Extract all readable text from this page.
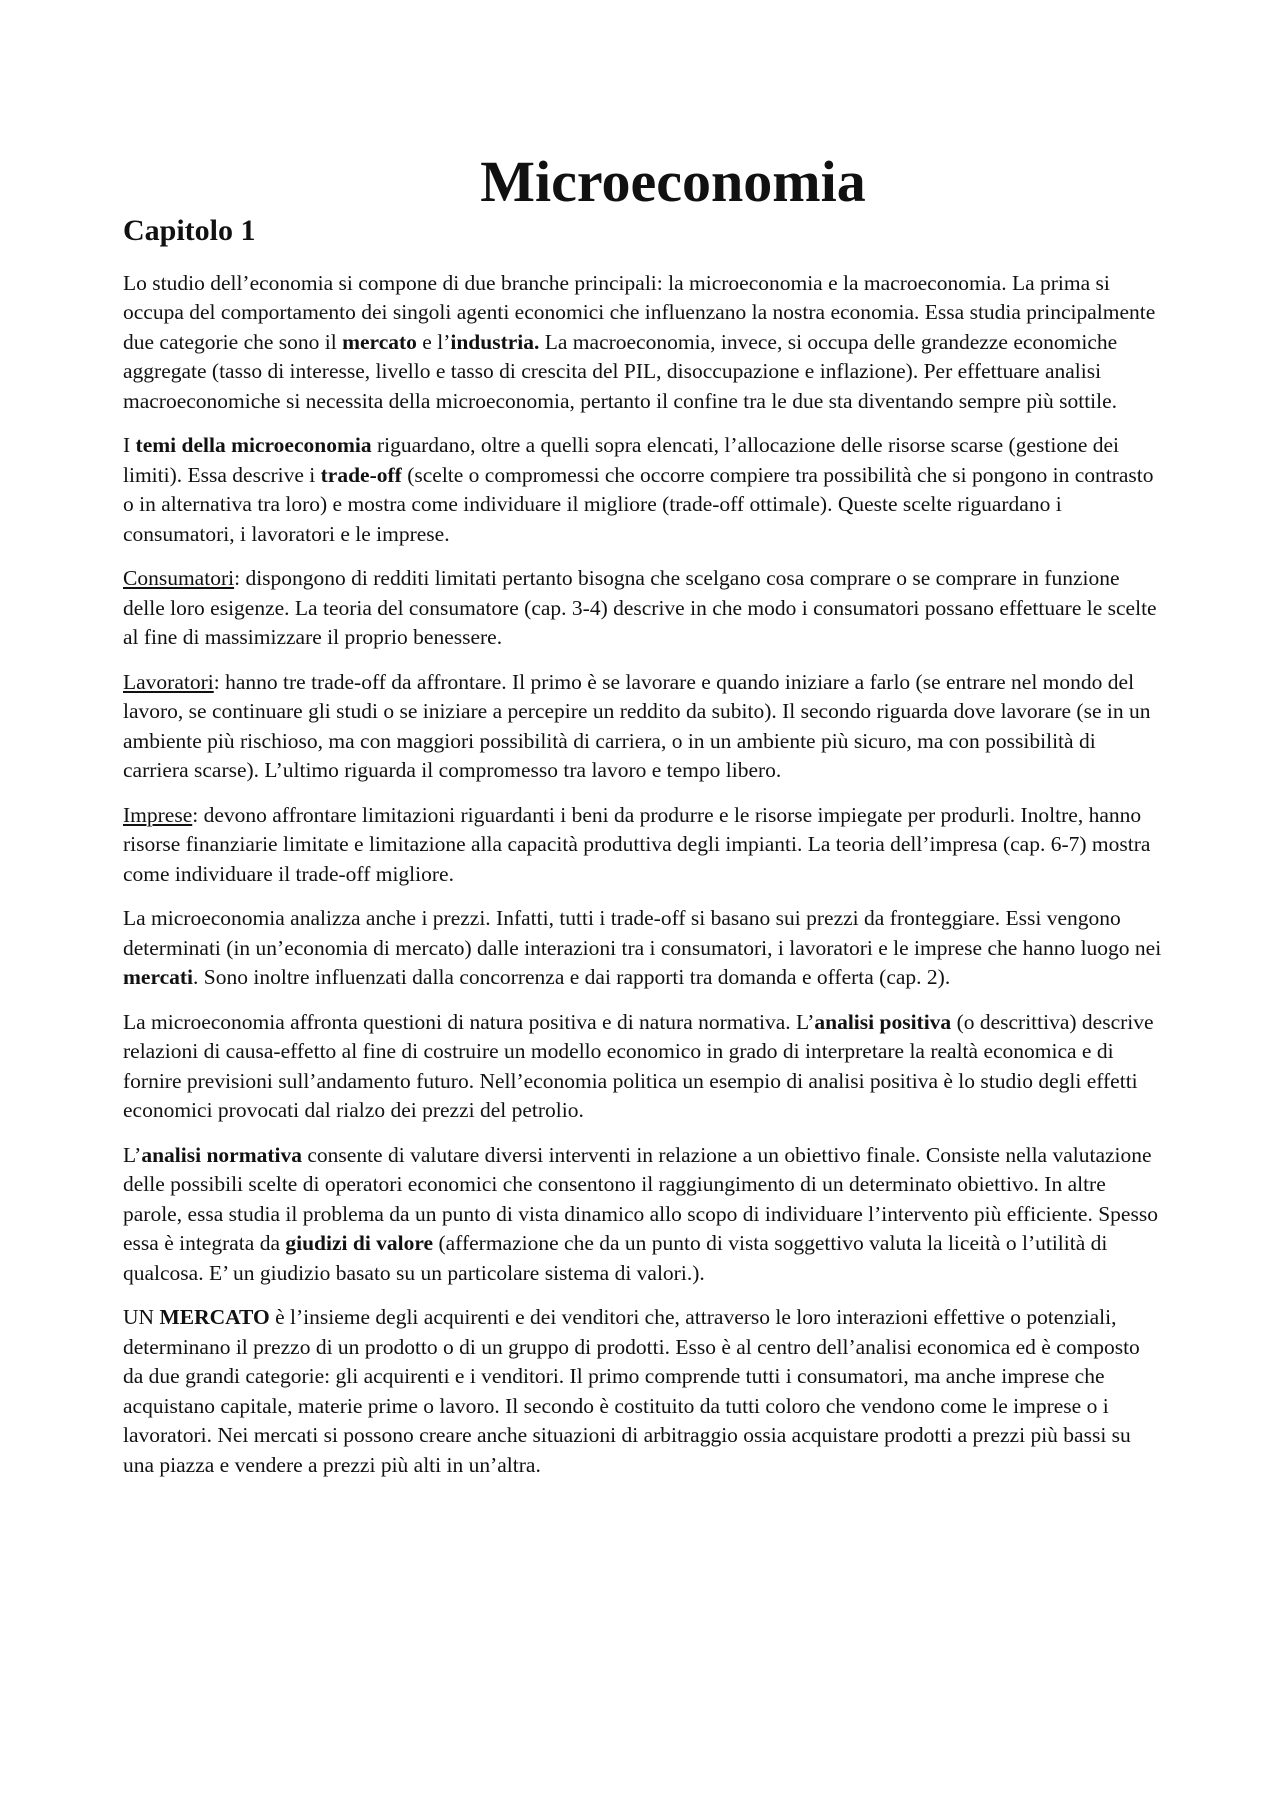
Microeconomia
Capitolo 1

Lo studio dell’economia si compone di due branche principali: la microeconomia e la macroeconomia. La prima si occupa del comportamento dei singoli agenti economici che influenzano la nostra economia. Essa studia principalmente due categorie che sono il mercato e l’industria. La macroeconomia, invece, si occupa delle grandezze economiche aggregate (tasso di interesse, livello e tasso di crescita del PIL, disoccupazione e inflazione). Per effettuare analisi macroeconomiche si necessita della microeconomia, pertanto il confine tra le due sta diventando sempre più sottile.

I temi della microeconomia riguardano, oltre a quelli sopra elencati, l’allocazione delle risorse scarse (gestione dei limiti). Essa descrive i trade-off (scelte o compromessi che occorre compiere tra possibilità che si pongono in contrasto o in alternativa tra loro) e mostra come individuare il migliore (trade-off ottimale). Queste scelte riguardano i consumatori, i lavoratori e le imprese.

Consumatori: dispongono di redditi limitati pertanto bisogna che scelgano cosa comprare o se comprare in funzione delle loro esigenze. La teoria del consumatore (cap. 3-4) descrive in che modo i consumatori possano effettuare le scelte al fine di massimizzare il proprio benessere.

Lavoratori: hanno tre trade-off da affrontare. Il primo è se lavorare e quando iniziare a farlo (se entrare nel mondo del lavoro, se continuare gli studi o se iniziare a percepire un reddito da subito). Il secondo riguarda dove lavorare (se in un ambiente più rischioso, ma con maggiori possibilità di carriera, o in un ambiente più sicuro, ma con possibilità di carriera scarse). L’ultimo riguarda il compromesso tra lavoro e tempo libero.

Imprese: devono affrontare limitazioni riguardanti i beni da produrre e le risorse impiegate per produrli. Inoltre, hanno risorse finanziarie limitate e limitazione alla capacità produttiva degli impianti. La teoria dell’impresa (cap. 6-7) mostra come individuare il trade-off migliore.

La microeconomia analizza anche i prezzi. Infatti, tutti i trade-off si basano sui prezzi da fronteggiare. Essi vengono determinati (in un’economia di mercato) dalle interazioni tra i consumatori, i lavoratori e le imprese che hanno luogo nei mercati. Sono inoltre influenzati dalla concorrenza e dai rapporti tra domanda e offerta (cap. 2).

La microeconomia affronta questioni di natura positiva e di natura normativa. L’analisi positiva (o descrittiva) descrive relazioni di causa-effetto al fine di costruire un modello economico in grado di interpretare la realtà economica e di fornire previsioni sull’andamento futuro. Nell’economia politica un esempio di analisi positiva è lo studio degli effetti economici provocati dal rialzo dei prezzi del petrolio.

L’analisi normativa consente di valutare diversi interventi in relazione a un obiettivo finale. Consiste nella valutazione delle possibili scelte di operatori economici che consentono il raggiungimento di un determinato obiettivo. In altre parole, essa studia il problema da un punto di vista dinamico allo scopo di individuare l’intervento più efficiente. Spesso essa è integrata da giudizi di valore (affermazione che da un punto di vista soggettivo valuta la liceità o l’utilità di qualcosa. E’ un giudizio basato su un particolare sistema di valori.).

UN MERCATO è l’insieme degli acquirenti e dei venditori che, attraverso le loro interazioni effettive o potenziali, determinano il prezzo di un prodotto o di un gruppo di prodotti. Esso è al centro dell’analisi economica ed è composto da due grandi categorie: gli acquirenti e i venditori. Il primo comprende tutti i consumatori, ma anche imprese che acquistano capitale, materie prime o lavoro. Il secondo è costituito da tutti coloro che vendono come le imprese o i lavoratori. Nei mercati si possono creare anche situazioni di arbitraggio ossia acquistare prodotti a prezzi più bassi su una piazza e vendere a prezzi più alti in un’altra.
